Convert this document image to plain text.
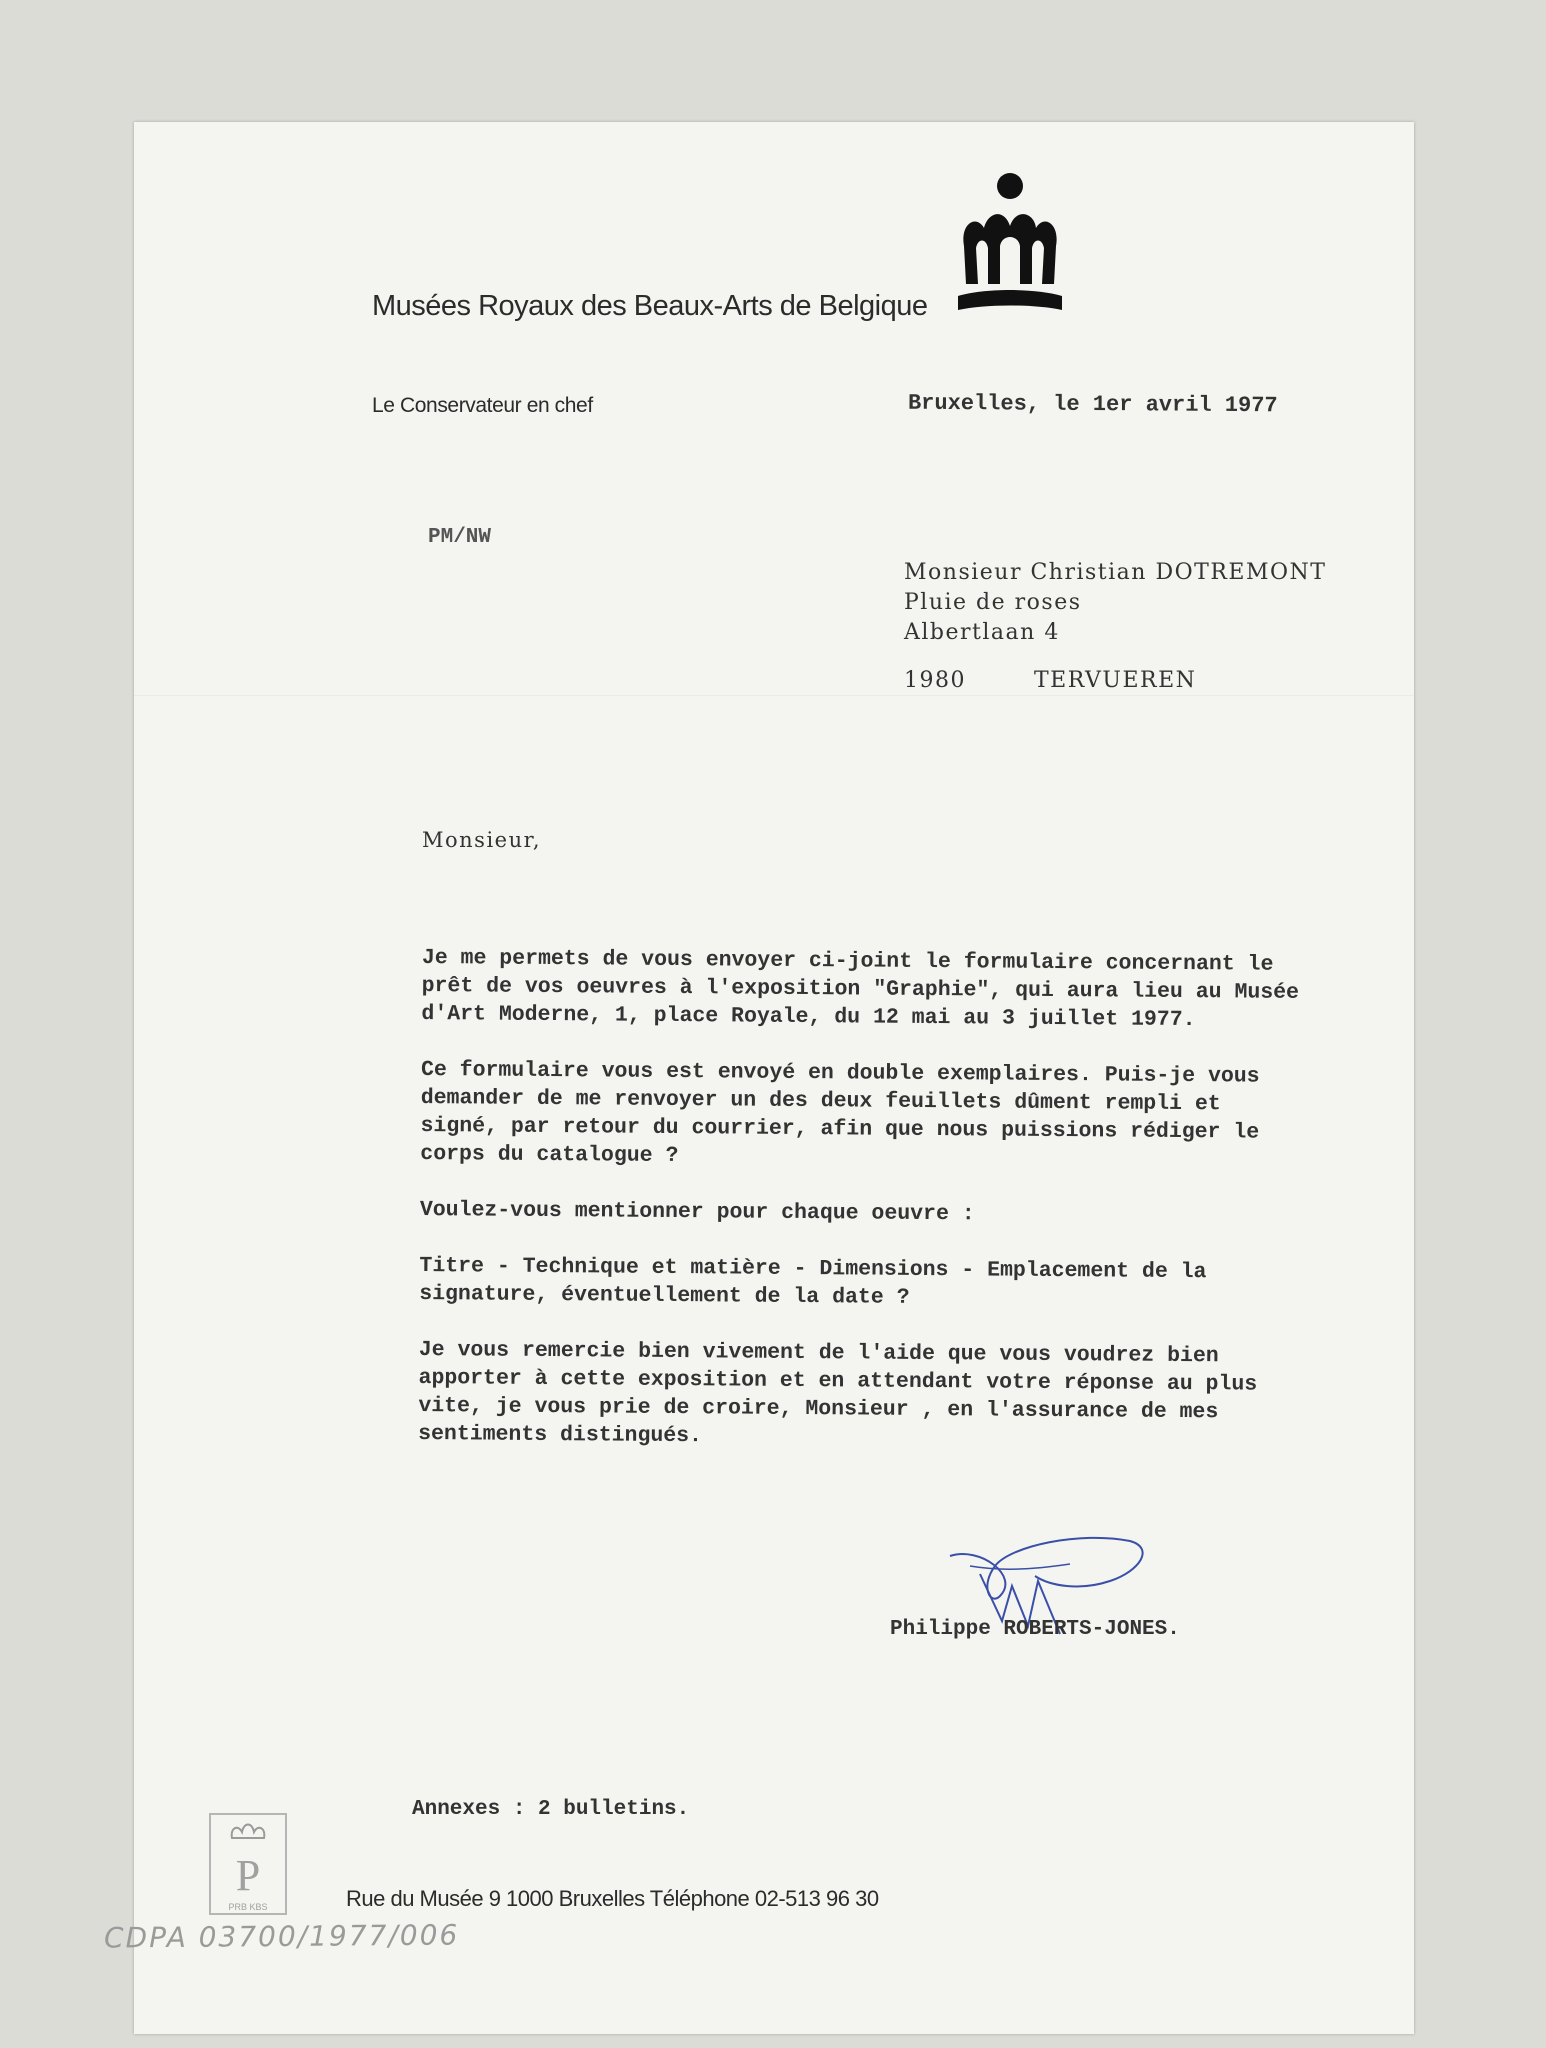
Musées Royaux des Beaux-Arts de Belgique
Le Conservateur en chef	Bruxelles, le 1er avril 1977
PM/NW
Monsieur Christian DOTREMONT
Pluie de roses
Albertlaan 4
1980	TERVUEREN
Monsieur,

Je me permets de vous envoyer ci-joint le formulaire concernant le
prêt de vos oeuvres à l'exposition "Graphie", qui aura lieu au Musée
d'Art Moderne, 1, place Royale, du 12 mai au 3 juillet 1977.

Ce formulaire vous est envoyé en double exemplaires. Puis-je vous
demander de me renvoyer un des deux feuillets dûment rempli et
signé, par retour du courrier, afin que nous puissions rédiger le
corps du catalogue ?

Voulez-vous mentionner pour chaque oeuvre :

Titre - Technique et matière - Dimensions - Emplacement de la
signature, éventuellement de la date ?

Je vous remercie bien vivement de l'aide que vous voudrez bien
apporter à cette exposition et en attendant votre réponse au plus
vite, je vous prie de croire, Monsieur , en l'assurance de mes
sentiments distingués.

Philippe ROBERTS-JONES.
Annexes : 2 bulletins.
P
PRB KBS	Rue du Musée 9 1000 Bruxelles Téléphone 02-513 96 30
CDPA 03700/1977/006
